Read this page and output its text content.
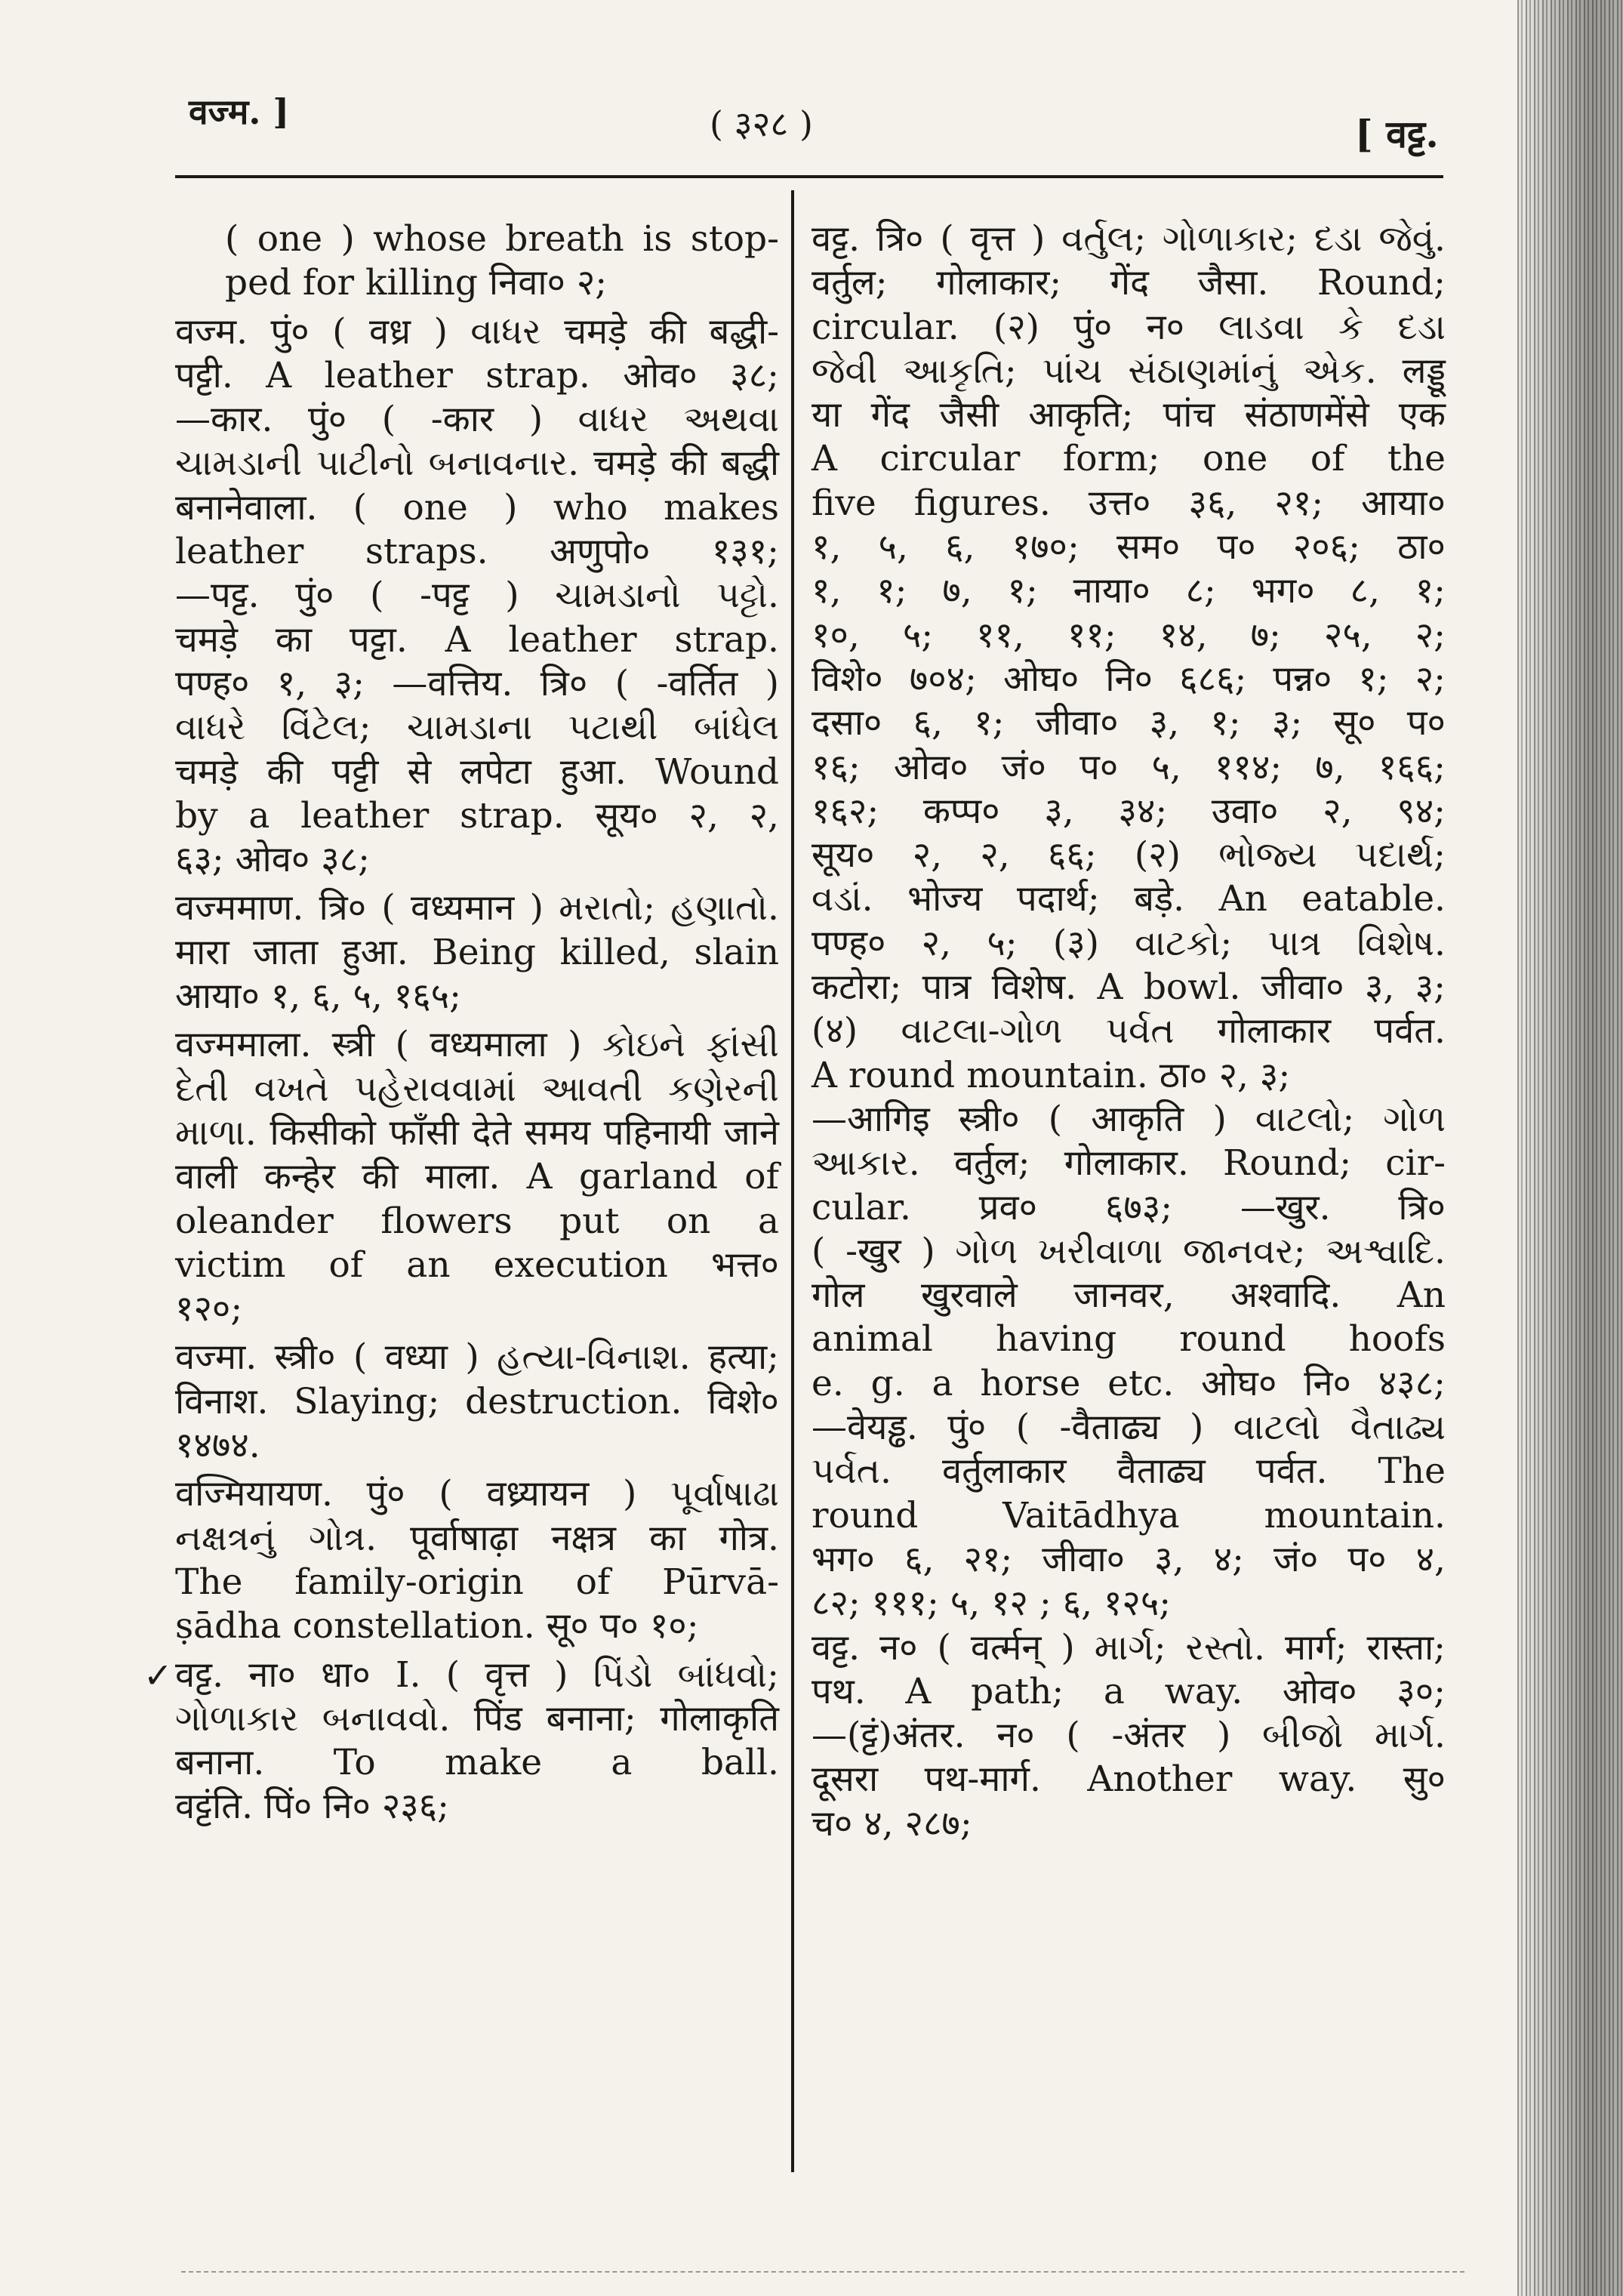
वज्म. ]	( ३२८ )	[ वट्ट.
( one ) whose breath is stop-
ped for killing निवा० २;
वज्म. पुं० ( वध्र ) વાધર चमड़े की बद्धी-
पट्टी. A leather strap. ओव० ३८;
—कार. पुं० ( -कार ) વાધર અથવા
ચામડાની પાટીનો બનાવનાર. चमड़े की बद्धी
बनानेवाला. ( one ) who makes
leather straps. अणुपो० १३१;
—पट्ट. पुं० ( -पट्ट ) ચામડાનો પટ્ટો.
चमड़े का पट्टा. A leather strap.
पण्ह० १, ३; —वत्तिय. त्रि० ( -वर्तित )
વાધરે વિંટેલ; ચામડાના પટાથી બાંધેલ
चमड़े की पट्टी से लपेटा हुआ. Wound
by a leather strap. सूय० २, २,
६३; ओव० ३८;
वज्ममाण. त्रि० ( वध्यमान ) મરાતો; હણાતો.
मारा जाता हुआ. Being killed, slain
आया० १, ६, ५, १६५;
वज्ममाला. स्त्री ( वध्यमाला ) કોઇને ફાંસી
દેતી વખતે પહેરાવવામાં આવતી કણેરની
માળા. किसीको फाँसी देते समय पहिनायी जाने
वाली कन्हेर की माला. A garland of
oleander flowers put on a
victim of an execution भत्त०
१२०;
वज्मा. स्त्री० ( वध्या ) હત્યા-વિનાશ. हत्या;
विनाश. Slaying; destruction. विशे०
१४७४.
वज्मियायण. पुं० ( वध्र्यायन ) પૂર્વાષાઢા
નક્ષત્રનું ગોત્ર. पूर्वाषाढ़ा नक्षत्र का गोत्र.
The family-origin of Pūrvā-
ṣādha constellation. सू० प० १०;
✓ वट्ट. ना० धा० I. ( वृत्त ) પિંડો બાંધવો;
ગોળાકાર બનાવવો. पिंड बनाना; गोलाकृति
बनाना. To make a ball.
वट्टंति. पिं० नि० २३६;
वट्ट. त्रि० ( वृत्त ) વર્તુલ; ગોળાકાર; દડા જેવું.
वर्तुल; गोलाकार; गेंद जैसा. Round;
circular. (२) पुं० न० લાડવા કે દડા
જેવી આકૃતિ; પાંચ સંઠાણમાંનું એક. लड्डू
या गेंद जैसी आकृति; पांच संठाणमेंसे एक
A circular form; one of the
five figures. उत्त० ३६, २१; आया०
१, ५, ६, १७०; सम० प० २०६; ठा०
१, १; ७, १; नाया० ८; भग० ८, १;
१०, ५; ११, ११; १४, ७; २५, २;
विशे० ७०४; ओघ० नि० ६८६; पन्न० १; २;
दसा० ६, १; जीवा० ३, १; ३; सू० प०
१६; ओव० जं० प० ५, ११४; ७, १६६;
१६२; कप्प० ३, ३४; उवा० २, ९४;
सूय० २, २, ६६; (२) ભોજ્ય પદાર્થ;
વડાં. भोज्य पदार्थ; बड़े. An eatable.
पण्ह० २, ५; (३) વાટકો; પાત્ર વિશેષ.
कटोरा; पात्र विशेष. A bowl. जीवा० ३, ३;
(४) વાટલા-ગોળ પર્વત गोलाकार पर्वत.
A round mountain. ठा० २, ३;
—आगिइ स्त्री० ( आकृति ) વાટલો; ગોળ
આકાર. वर्तुल; गोलाकार. Round; cir-
cular. प्रव० ६७३; —खुर. त्रि०
( -खुर ) ગોળ ખરીવાળા જાનવર; અશ્વાદિ.
गोल खुरवाले जानवर, अश्वादि. An
animal having round hoofs
e. g. a horse etc. ओघ० नि० ४३८;
—वेयड्ढ. पुं० ( -वैताढ्य ) વાટલો વૈતાઢ્ય
પર્વત. वर्तुलाकार वैताढ्य पर्वत. The
round Vaitādhya mountain.
भग० ६, २१; जीवा० ३, ४; जं० प० ४,
८२; १११; ५, १२ ; ६, १२५;
वट्ट. न० ( वर्त्मन् ) માર્ગ; રસ્તો. मार्ग; रास्ता;
पथ. A path; a way. ओव० ३०;
—(ट्टं)अंतर. न० ( -अंतर ) બીજો માર્ગ.
दूसरा पथ-मार्ग. Another way. सु०
च० ४, २८७;
